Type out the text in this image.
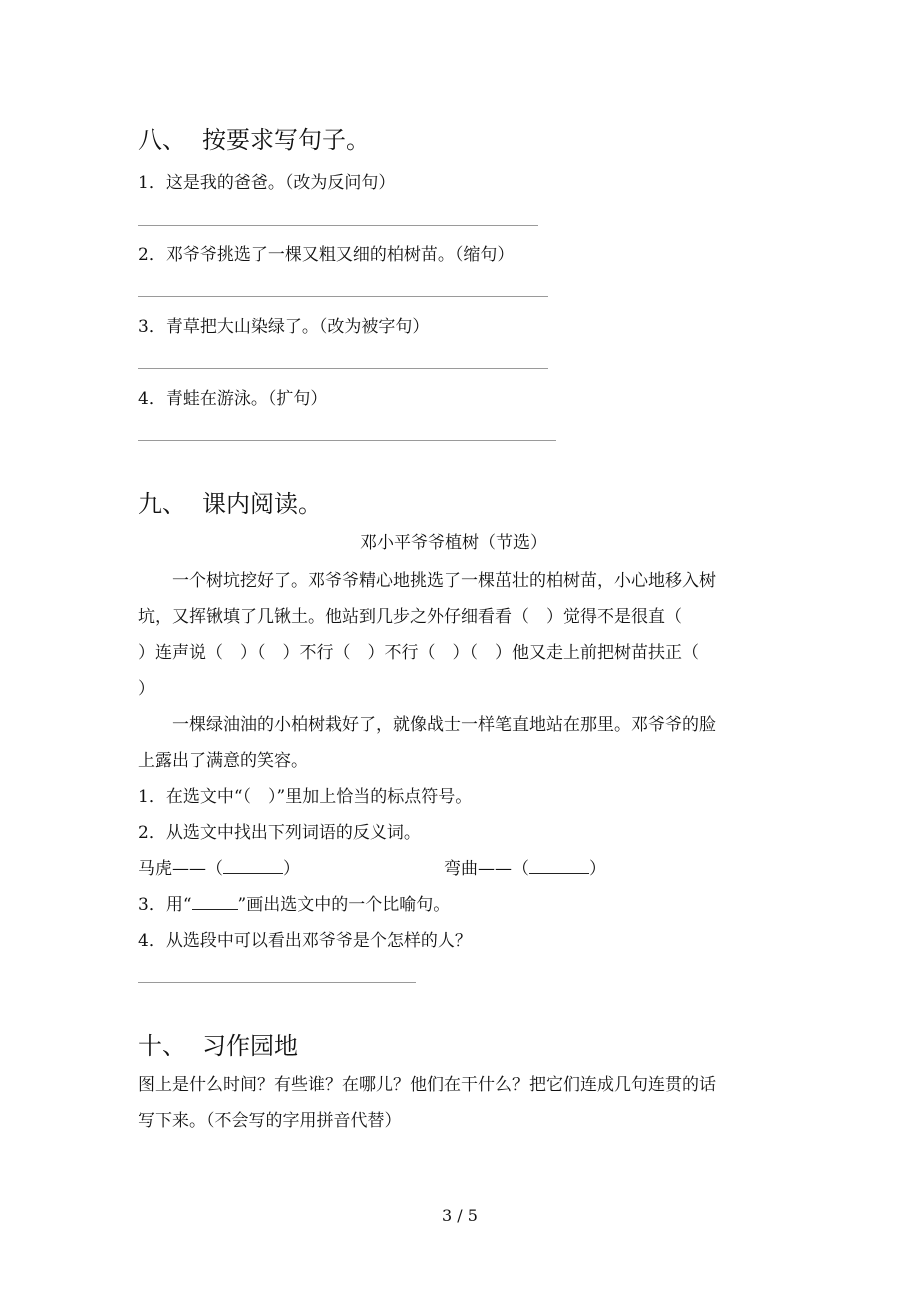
八、 按要求写句子。
1．这是我的爸爸。（改为反问句）
2．邓爷爷挑选了一棵又粗又细的柏树苗。（缩句）
3．青草把大山染绿了。（改为被字句）
4．青蛙在游泳。（扩句）
九、 课内阅读。
邓小平爷爷植树（节选）
一个树坑挖好了。邓爷爷精心地挑选了一棵茁壮的柏树苗，小心地移入树
坑，又挥锹填了几锹土。他站到几步之外仔细看看（　）觉得不是很直（
）连声说（　）（　）不行（　）不行（　）（　）他又走上前把树苗扶正（
）
一棵绿油油的小柏树栽好了，就像战士一样笔直地站在那里。邓爷爷的脸
上露出了满意的笑容。
1．在选文中“（　）”里加上恰当的标点符号。
2．从选文中找出下列词语的反义词。
马虎——（	）	弯曲——（	）
3．用“	”画出选文中的一个比喻句。
4．从选段中可以看出邓爷爷是个怎样的人？
十、 习作园地
图上是什么时间？有些谁？在哪儿？他们在干什么？把它们连成几句连贯的话
写下来。（不会写的字用拼音代替）
3 / 5
